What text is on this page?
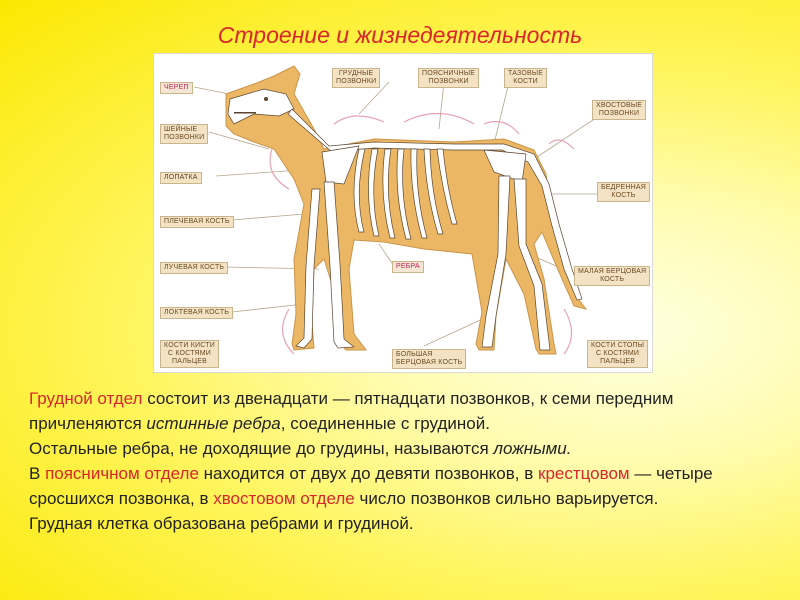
Строение и жизнедеятельность
ЧЕРЕП
ГРУДНЫЕ
ПОЗВОНКИ
ПОЯСНИЧНЫЕ
ПОЗВОНКИ
ТАЗОВЫЕ
КОСТИ
ХВОСТОВЫЕ
ПОЗВОНКИ
ШЕЙНЫЕ
ПОЗВОНКИ
ЛОПАТКА
ПЛЕЧЕВАЯ КОСТЬ
ЛУЧЕВАЯ КОСТЬ
ЛОКТЕВАЯ КОСТЬ
КОСТИ КИСТИ
С КОСТЯМИ
ПАЛЬЦЕВ
РЕБРА
БОЛЬШАЯ
БЕРЦОВАЯ КОСТЬ
БЕДРЕННАЯ
КОСТЬ
МАЛАЯ БЕРЦОВАЯ
КОСТЬ
КОСТИ СТОПЫ
С КОСТЯМИ
ПАЛЬЦЕВ

Грудной отдел состоит из двенадцати — пятнадцати позвонков, к семи передним причленяются истинные ребра, соединенные с грудиной.

Остальные ребра, не доходящие до грудины, называются ложными.

В поясничном отделе находится от двух до девяти позвонков, в крестцовом — четыре сросшихся позвонка, в хвостовом отделе число позвонков сильно варьируется.

Грудная клетка образована ребрами и грудиной.
